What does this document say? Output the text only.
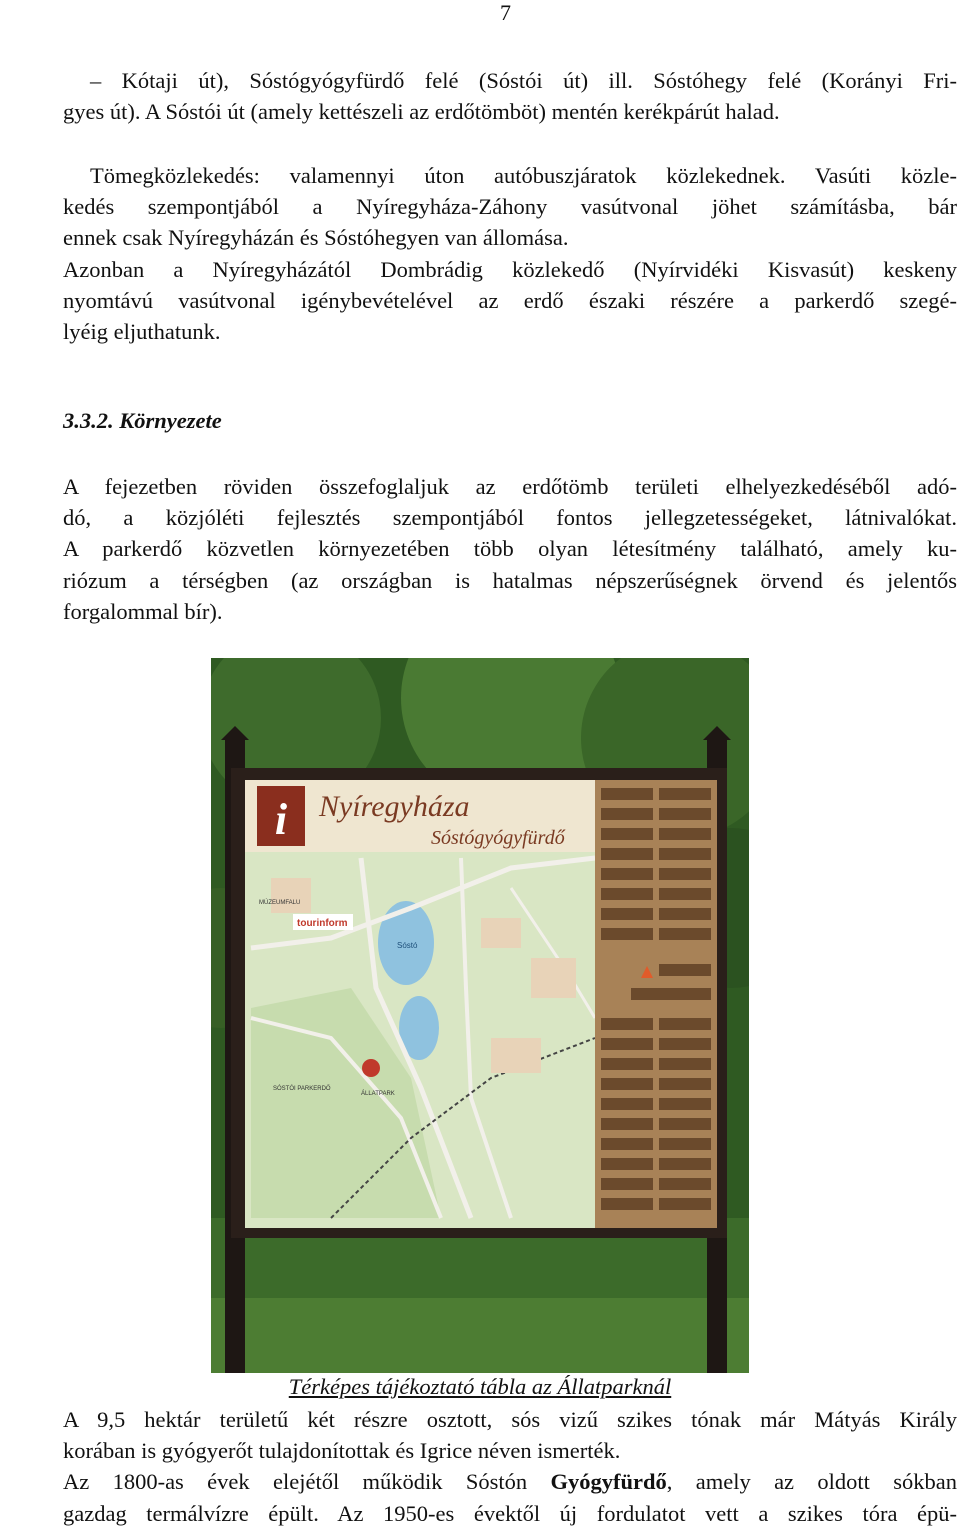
7
– Kótaji út), Sóstógyógyfürdő felé (Sóstói út) ill. Sóstóhegy felé (Korányi Fri-
gyes út). A Sóstói út (amely kettészeli az erdőtömböt) mentén kerékpárút halad.
Tömegközlekedés: valamennyi úton autóbuszjáratok közlekednek. Vasúti közle-
kedés szempontjából a Nyíregyháza-Záhony vasútvonal jöhet számításba, bár
ennek csak Nyíregyházán és Sóstóhegyen van állomása.
Azonban a Nyíregyházától Dombrádig közlekedő (Nyírvidéki Kisvasút) keskeny
nyomtávú vasútvonal igénybevételével az erdő északi részére a parkerdő szegé-
lyéig eljuthatunk.
3.3.2. Környezete
A fejezetben röviden összefoglaljuk az erdőtömb területi elhelyezkedéséből adó-
dó, a közjóléti fejlesztés szempontjából fontos jellegzetességeket, látnivalókat.
A parkerdő közvetlen környezetében több olyan létesítmény található, amely ku-
riózum a térségben (az országban is hatalmas népszerűségnek örvend és jelentős
forgalommal bír).
i Nyíregyháza
Sóstógyógyfürdő
tourinform
Sóstó
SÓSTÓI PARKERDŐ
ÁLLATPARK
MÚZEUMFALU
Térképes tájékoztató tábla az Állatparknál
A 9,5 hektár területű két részre osztott, sós vizű szikes tónak már Mátyás Király
korában is gyógyerőt tulajdonítottak és Igrice néven ismerték.
Az 1800-as évek elejétől működik Sóstón Gyógyfürdő, amely az oldott sókban
gazdag termálvízre épült. Az 1950-es évektől új fordulatot vett a szikes tóra épü-
